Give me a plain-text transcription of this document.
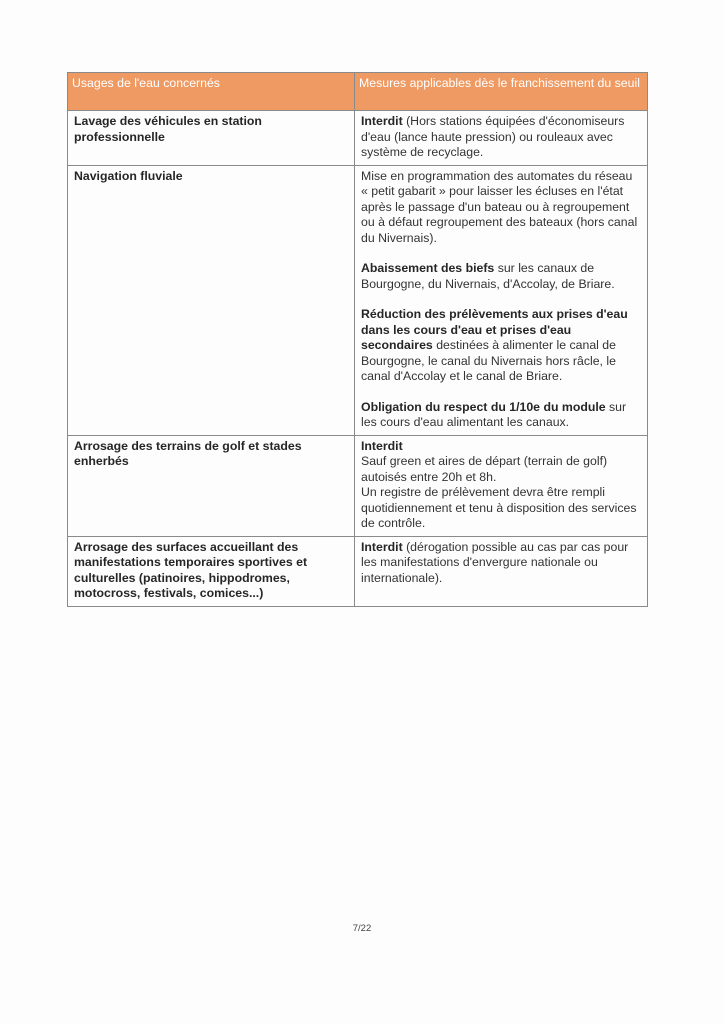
Usages de l'eau concernés	Mesures applicables dès le franchissement du seuil
Lavage des véhicules en station professionnelle	Interdit (Hors stations équipées d'économiseurs d'eau (lance haute pression) ou rouleaux avec système de recyclage.

Navigation fluviale	Mise en programmation des automates du réseau « petit gabarit » pour laisser les écluses en l'état après le passage d'un bateau ou à regroupement ou à défaut regroupement des bateaux (hors canal du Nivernais).

Abaissement des biefs sur les canaux de Bourgogne, du Nivernais, d'Accolay, de Briare.

Réduction des prélèvements aux prises d'eau dans les cours d'eau et prises d'eau secondaires destinées à alimenter le canal de Bourgogne, le canal du Nivernais hors râcle, le canal d'Accolay et le canal de Briare.

Obligation du respect du 1/10e du module sur les cours d'eau alimentant les canaux.

Arrosage des terrains de golf et stades enherbés	Interdit
Sauf green et aires de départ (terrain de golf) autoisés entre 20h et 8h.
Un registre de prélèvement devra être rempli quotidiennement et tenu à disposition des services de contrôle.

Arrosage des surfaces accueillant des manifestations temporaires sportives et culturelles (patinoires, hippodromes, motocross, festivals, comices...)	Interdit (dérogation possible au cas par cas pour les manifestations d'envergure nationale ou internationale).

7/22
